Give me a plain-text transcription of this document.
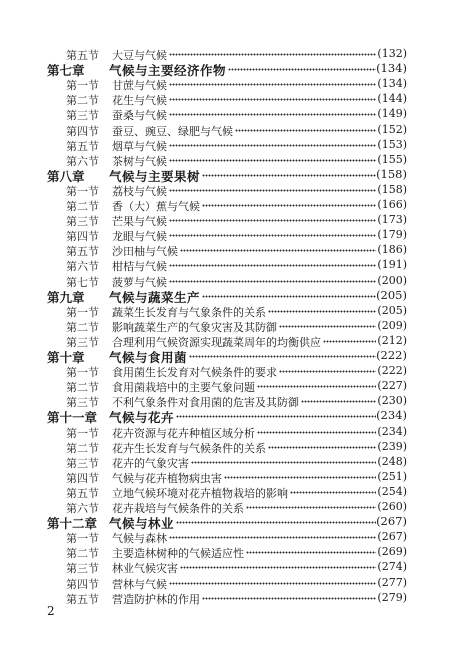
第五节 大豆与气候	(132)
第七章 气候与主要经济作物	(134)
第一节 甘蔗与气候	(134)
第二节 花生与气候	(144)
第三节 蚕桑与气候	(149)
第四节 蚕豆、豌豆、绿肥与气候	(152)
第五节 烟草与气候	(153)
第六节 茶树与气候	(155)
第八章 气候与主要果树	(158)
第一节 荔枝与气候	(158)
第二节 香（大）蕉与气候	(166)
第三节 芒果与气候	(173)
第四节 龙眼与气候	(179)
第五节 沙田柚与气候	(186)
第六节 柑桔与气候	(191)
第七节 菠萝与气候	(200)
第九章 气候与蔬菜生产	(205)
第一节 蔬菜生长发育与气象条件的关系	(205)
第二节 影响蔬菜生产的气象灾害及其防御	(209)
第三节 合理利用气候资源实现蔬菜周年的均衡供应	(212)
第十章 气候与食用菌	(222)
第一节 食用菌生长发育对气候条件的要求	(222)
第二节 食用菌栽培中的主要气象问题	(227)
第三节 不利气象条件对食用菌的危害及其防御	(230)
第十一章 气候与花卉	(234)
第一节 花卉资源与花卉种植区域分析	(234)
第二节 花卉生长发育与气候条件的关系	(239)
第三节 花卉的气象灾害	(248)
第四节 气候与花卉植物病虫害	(251)
第五节 立地气候环境对花卉植物栽培的影响	(254)
第六节 花卉栽培与气候条件的关系	(260)
第十二章 气候与林业	(267)
第一节 气候与森林	(267)
第二节 主要造林树种的气候适应性	(269)
第三节 林业气候灾害	(274)
第四节 营林与气候	(277)
第五节 营造防护林的作用	(279)
2
